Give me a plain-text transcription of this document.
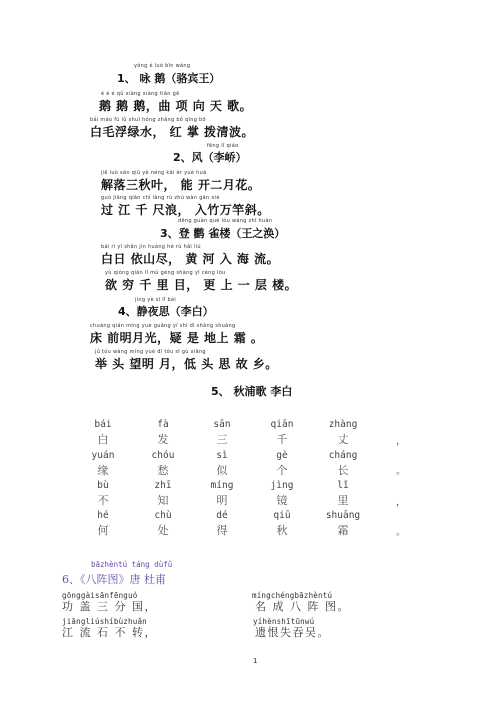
yǒng é luò bīn wáng
1、 咏 鹅（骆宾王）
é é é qǔ xiàng xiàng tiān gē
鹅 鹅 鹅，曲 项 向 天 歌。
bái máo fú lǜ shuǐ hóng zhǎng bō qīng bō
白毛浮绿水， 红 掌 拨清波。
fēng lǐ qiáo
2、风（李峤）
jiě luò sān qiū yè néng kāi èr yuè huā
解落三秋叶， 能 开二月花。
guò jiāng qiān chǐ làng rù zhú wàn gān xié
过 江 千 尺浪， 入竹万竿斜。
dēng guàn què lóu wáng zhī huàn
3、登 鹳 雀楼（王之涣）
bái rì yī shān jìn huáng hé rù hǎi liú
白日 依山尽， 黄 河 入 海 流。
yù qióng qiān lǐ mù gèng shàng yī céng lóu
欲 穷 千 里 目， 更 上 一 层 楼。
jìng yè sī lǐ bái
4、静夜思（李白）
chuáng qián míng yuè guāng yí shì dì shàng shuāng
床 前明月光，疑 是 地上 霜 。
jǔ tóu wàng míng yuè dī tóu sī gù xiāng
举 头 望明 月，低 头 思 故 乡。
5、 秋浦歌 李白
bái	fà	sān	qiān	zhàng
白	发	三	千	丈	，
yuán	chóu	sì	gè	cháng
缘	愁	似	个	长	。
bù	zhī	míng	jìng	lǐ
不	知	明	镜	里	，
hé	chù	dé	qiū	shuāng
何	处	得	秋	霜	。
bāzhèntú táng dùfǔ
6、《八阵图》唐 杜甫
gōnggàisānfēnguó
功 盖 三 分 国，
míngchéngbāzhèntú
名 成 八 阵 图。
jiāngliúshíbùzhuǎn
江 流 石 不 转，
yíhènshītūnwú
遗恨失吞吴。
1
